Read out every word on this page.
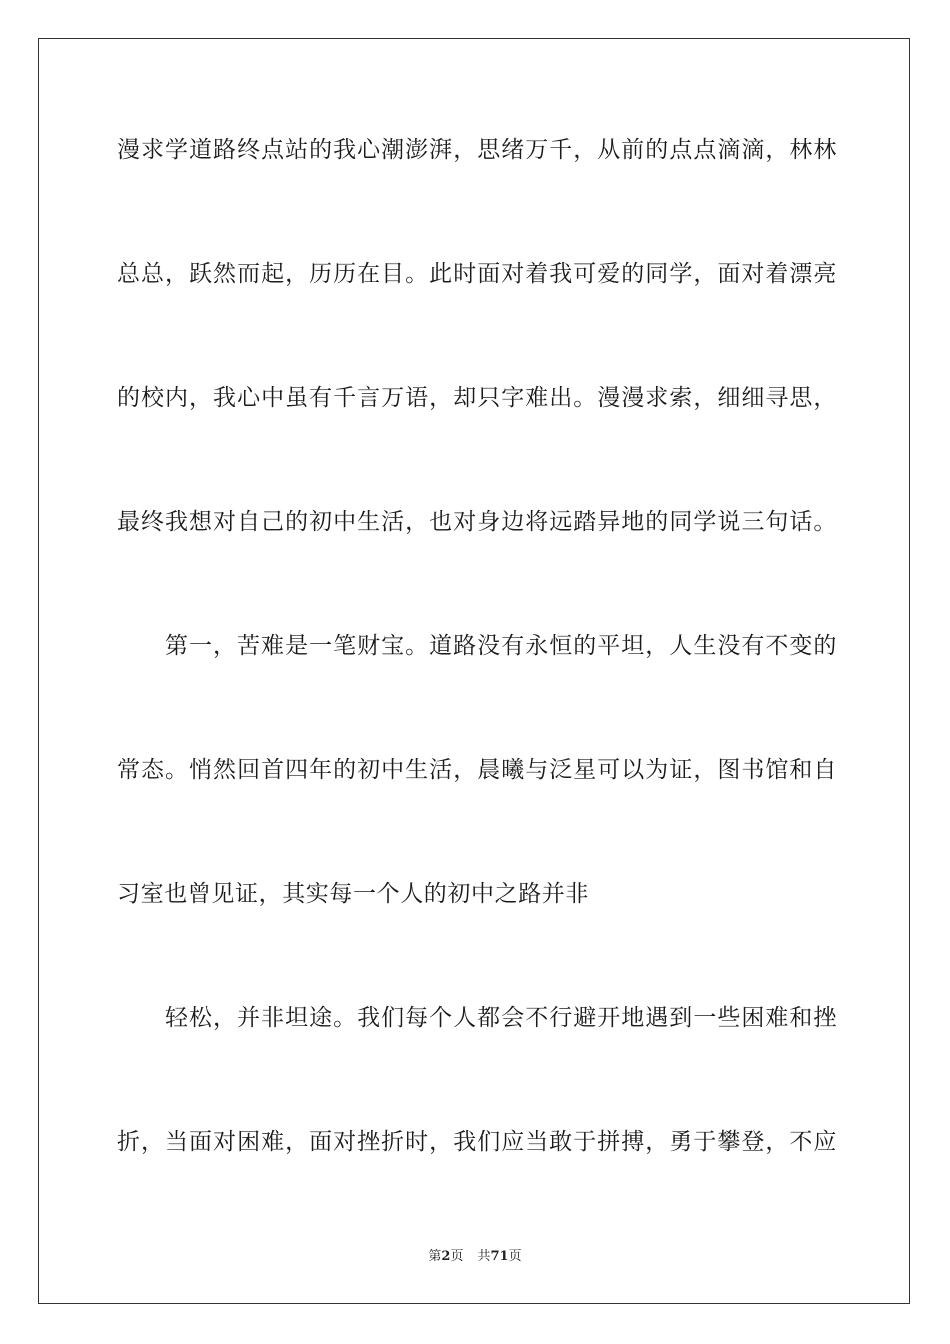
漫求学道路终点站的我心潮澎湃，思绪万千，从前的点点滴滴，林林
总总，跃然而起，历历在目。此时面对着我可爱的同学，面对着漂亮
的校内，我心中虽有千言万语，却只字难出。漫漫求索，细细寻思，
最终我想对自己的初中生活，也对身边将远踏异地的同学说三句话。
第一，苦难是一笔财宝。道路没有永恒的平坦，人生没有不变的
常态。悄然回首四年的初中生活，晨曦与泛星可以为证，图书馆和自
习室也曾见证，其实每一个人的初中之路并非
轻松，并非坦途。我们每个人都会不行避开地遇到一些困难和挫
折，当面对困难，面对挫折时，我们应当敢于拼搏，勇于攀登，不应
第2页 共71页
